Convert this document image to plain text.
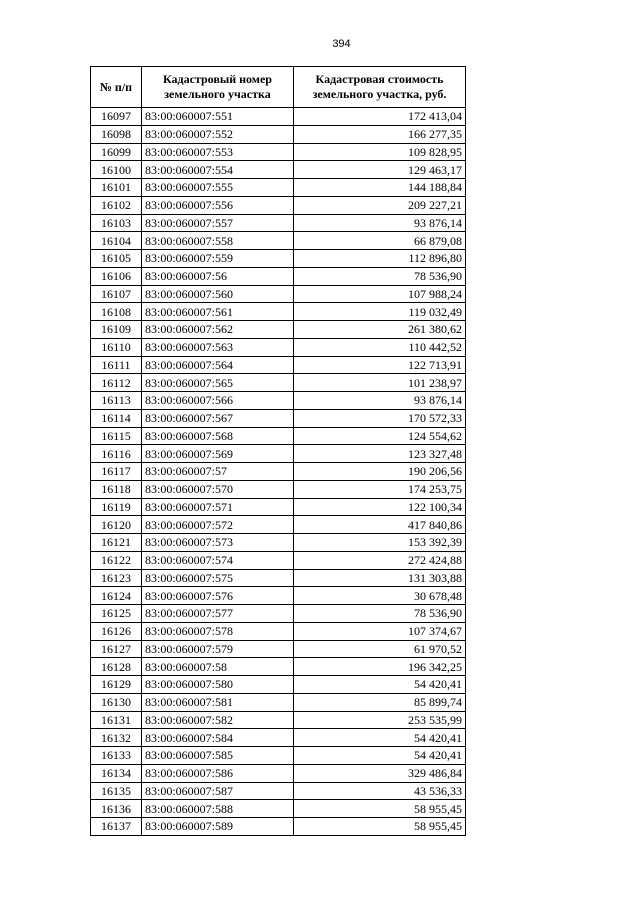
394
№ п/п	Кадастровый номер земельного участка	Кадастровая стоимость земельного участка, руб.
16097	83:00:060007:551	172 413,04
16098	83:00:060007:552	166 277,35
16099	83:00:060007:553	109 828,95
16100	83:00:060007:554	129 463,17
16101	83:00:060007:555	144 188,84
16102	83:00:060007:556	209 227,21
16103	83:00:060007:557	93 876,14
16104	83:00:060007:558	66 879,08
16105	83:00:060007:559	112 896,80
16106	83:00:060007:56	78 536,90
16107	83:00:060007:560	107 988,24
16108	83:00:060007:561	119 032,49
16109	83:00:060007:562	261 380,62
16110	83:00:060007:563	110 442,52
16111	83:00:060007:564	122 713,91
16112	83:00:060007:565	101 238,97
16113	83:00:060007:566	93 876,14
16114	83:00:060007:567	170 572,33
16115	83:00:060007:568	124 554,62
16116	83:00:060007:569	123 327,48
16117	83:00:060007:57	190 206,56
16118	83:00:060007:570	174 253,75
16119	83:00:060007:571	122 100,34
16120	83:00:060007:572	417 840,86
16121	83:00:060007:573	153 392,39
16122	83:00:060007:574	272 424,88
16123	83:00:060007:575	131 303,88
16124	83:00:060007:576	30 678,48
16125	83:00:060007:577	78 536,90
16126	83:00:060007:578	107 374,67
16127	83:00:060007:579	61 970,52
16128	83:00:060007:58	196 342,25
16129	83:00:060007:580	54 420,41
16130	83:00:060007:581	85 899,74
16131	83:00:060007:582	253 535,99
16132	83:00:060007:584	54 420,41
16133	83:00:060007:585	54 420,41
16134	83:00:060007:586	329 486,84
16135	83:00:060007:587	43 536,33
16136	83:00:060007:588	58 955,45
16137	83:00:060007:589	58 955,45
